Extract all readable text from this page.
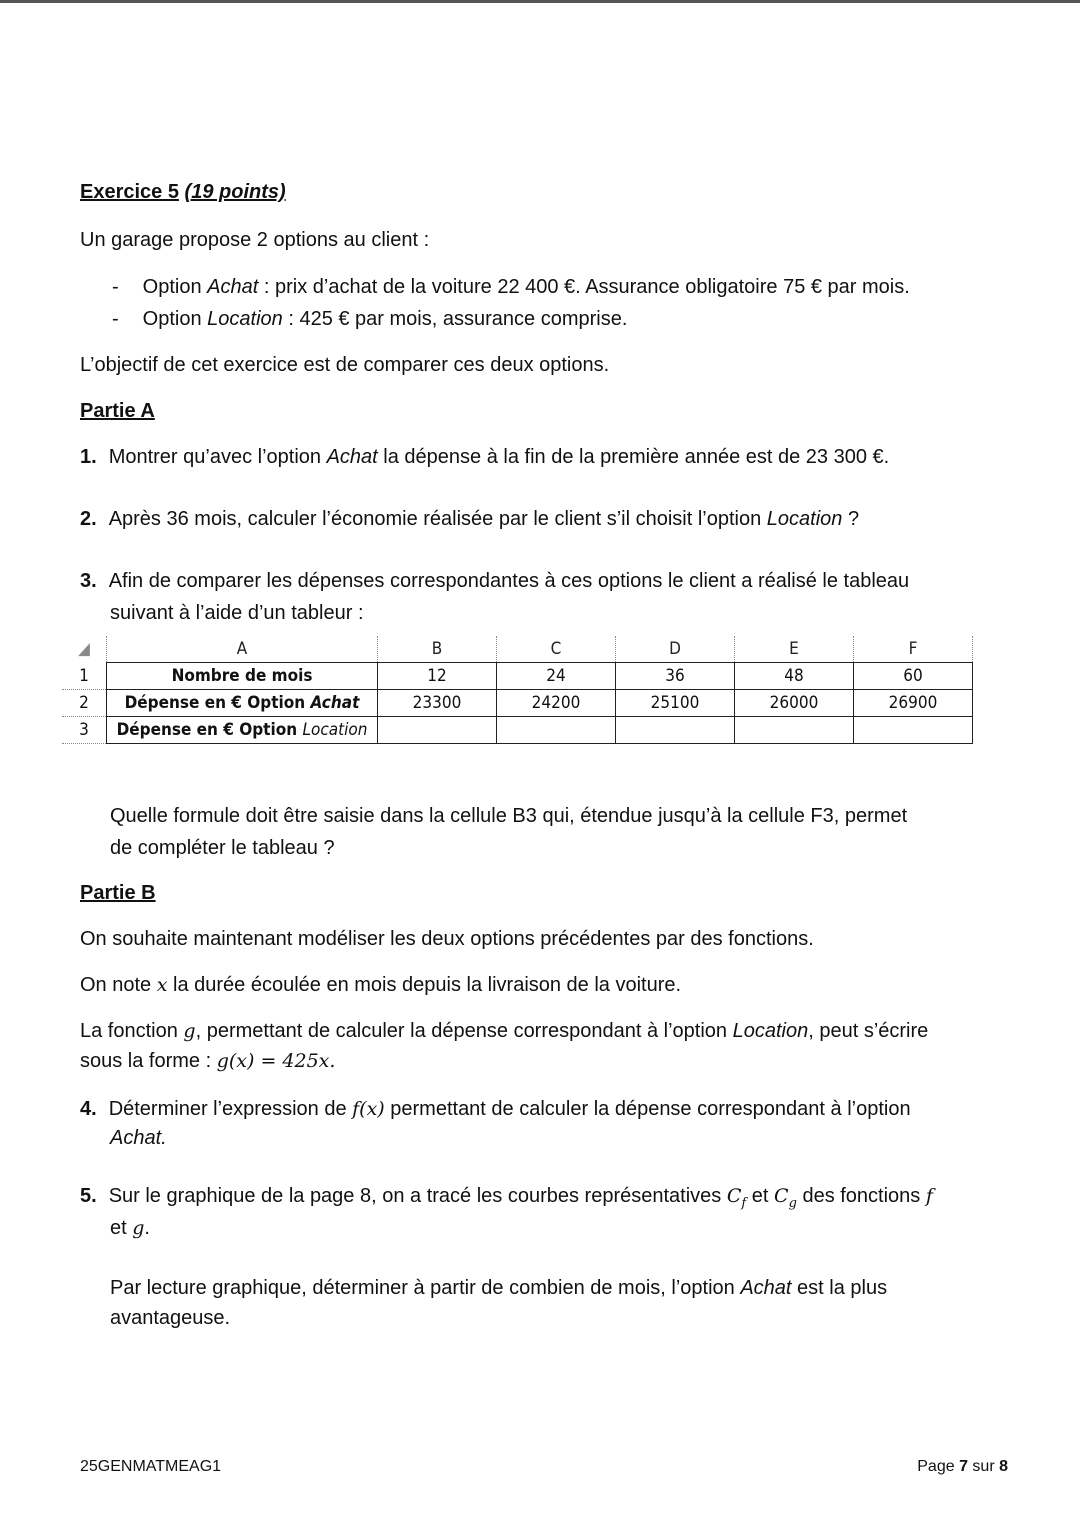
Exercice 5 (19 points)
Un garage propose 2 options au client :
- Option Achat : prix d’achat de la voiture 22 400 €. Assurance obligatoire 75 € par mois.
- Option Location : 425 € par mois, assurance comprise.
L’objectif de cet exercice est de comparer ces deux options.
Partie A
1. Montrer qu’avec l’option Achat la dépense à la fin de la première année est de 23 300 €.
2. Après 36 mois, calculer l’économie réalisée par le client s’il choisit l’option Location ?
3. Afin de comparer les dépenses correspondantes à ces options le client a réalisé le tableau
suivant à l’aide d’un tableur :
◢	A	B	C	D	E	F
1	Nombre de mois	12	24	36	48	60
2	Dépense en € Option Achat	23300	24200	25100	26000	26900
3	Dépense en € Option Location					
Quelle formule doit être saisie dans la cellule B3 qui, étendue jusqu’à la cellule F3, permet
de compléter le tableau ?
Partie B
On souhaite maintenant modéliser les deux options précédentes par des fonctions.
On note x la durée écoulée en mois depuis la livraison de la voiture.
La fonction g, permettant de calculer la dépense correspondant à l’option Location, peut s’écrire
sous la forme : g(x) = 425x.
4. Déterminer l’expression de f(x) permettant de calculer la dépense correspondant à l’option
Achat.
5. Sur le graphique de la page 8, on a tracé les courbes représentatives $C_f$ et $C_g$ des fonctions f
et g.
Par lecture graphique, déterminer à partir de combien de mois, l’option Achat est la plus
avantageuse.
25GENMATMEAG1	Page 7 sur 8
